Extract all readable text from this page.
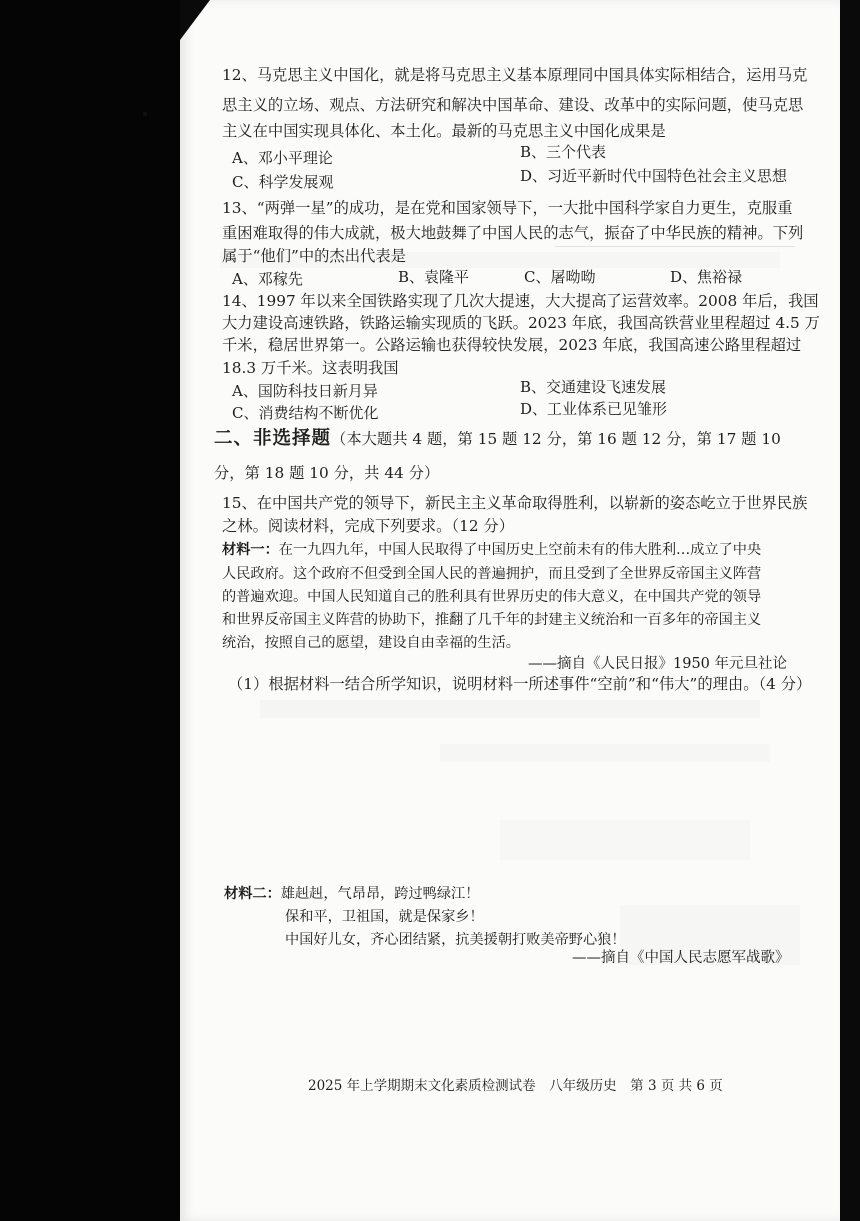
12、马克思主义中国化，就是将马克思主义基本原理同中国具体实际相结合，运用马克
思主义的立场、观点、方法研究和解决中国革命、建设、改革中的实际问题，使马克思
主义在中国实现具体化、本土化。最新的马克思主义中国化成果是
A、邓小平理论	B、三个代表
C、科学发展观	D、习近平新时代中国特色社会主义思想
13、“两弹一星”的成功，是在党和国家领导下，一大批中国科学家自力更生，克服重
重困难取得的伟大成就，极大地鼓舞了中国人民的志气，振奋了中华民族的精神。下列
属于“他们”中的杰出代表是
A、邓稼先	B、袁隆平	C、屠呦呦	D、焦裕禄
14、1997 年以来全国铁路实现了几次大提速，大大提高了运营效率。2008 年后，我国
大力建设高速铁路，铁路运输实现质的飞跃。2023 年底，我国高铁营业里程超过 4.5 万
千米，稳居世界第一。公路运输也获得较快发展，2023 年底，我国高速公路里程超过
18.3 万千米。这表明我国
A、国防科技日新月异	B、交通建设飞速发展
C、消费结构不断优化	D、工业体系已见雏形
二、非选择题（本大题共 4 题，第 15 题 12 分，第 16 题 12 分，第 17 题 10
分，第 18 题 10 分，共 44 分）
15、在中国共产党的领导下，新民主主义革命取得胜利，以崭新的姿态屹立于世界民族
之林。阅读材料，完成下列要求。（12 分）
材料一：在一九四九年，中国人民取得了中国历史上空前未有的伟大胜利…成立了中央
人民政府。这个政府不但受到全国人民的普遍拥护，而且受到了全世界反帝国主义阵营
的普遍欢迎。中国人民知道自己的胜利具有世界历史的伟大意义，在中国共产党的领导
和世界反帝国主义阵营的协助下，推翻了几千年的封建主义统治和一百多年的帝国主义
统治，按照自己的愿望，建设自由幸福的生活。
——摘自《人民日报》1950 年元旦社论
（1）根据材料一结合所学知识，说明材料一所述事件“空前”和“伟大”的理由。（4 分）
材料二：雄赳赳，气昂昂，跨过鸭绿江！
保和平，卫祖国，就是保家乡！
中国好儿女，齐心团结紧，抗美援朝打败美帝野心狼！
——摘自《中国人民志愿军战歌》
2025 年上学期期末文化素质检测试卷　八年级历史　第 3 页 共 6 页
